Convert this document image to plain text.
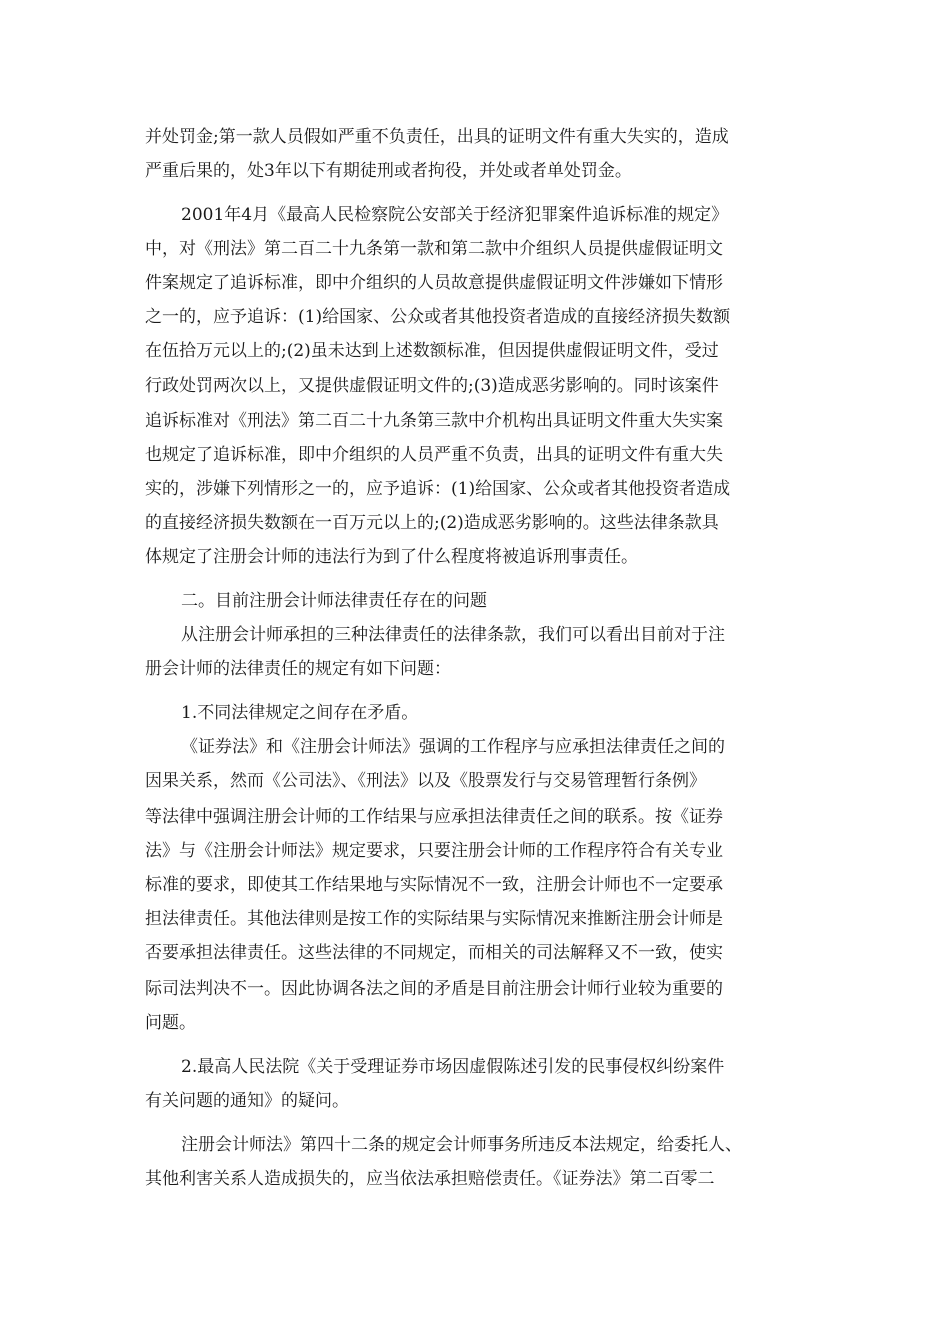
并处罚金;第一款人员假如严重不负责任，出具的证明文件有重大失实的，造成
严重后果的，处3年以下有期徒刑或者拘役，并处或者单处罚金。
2001年4月《最高人民检察院公安部关于经济犯罪案件追诉标准的规定》
中，对《刑法》第二百二十九条第一款和第二款中介组织人员提供虚假证明文
件案规定了追诉标准，即中介组织的人员故意提供虚假证明文件涉嫌如下情形
之一的，应予追诉：(1)给国家、公众或者其他投资者造成的直接经济损失数额
在伍拾万元以上的;(2)虽未达到上述数额标准，但因提供虚假证明文件，受过
行政处罚两次以上，又提供虚假证明文件的;(3)造成恶劣影响的。同时该案件
追诉标准对《刑法》第二百二十九条第三款中介机构出具证明文件重大失实案
也规定了追诉标准，即中介组织的人员严重不负责，出具的证明文件有重大失
实的，涉嫌下列情形之一的，应予追诉：(1)给国家、公众或者其他投资者造成
的直接经济损失数额在一百万元以上的;(2)造成恶劣影响的。这些法律条款具
体规定了注册会计师的违法行为到了什么程度将被追诉刑事责任。
二。目前注册会计师法律责任存在的问题
从注册会计师承担的三种法律责任的法律条款，我们可以看出目前对于注
册会计师的法律责任的规定有如下问题：
1.不同法律规定之间存在矛盾。
《证券法》和《注册会计师法》强调的工作程序与应承担法律责任之间的
因果关系，然而《公司法》、《刑法》以及《股票发行与交易管理暂行条例》
等法律中强调注册会计师的工作结果与应承担法律责任之间的联系。按《证券
法》与《注册会计师法》规定要求，只要注册会计师的工作程序符合有关专业
标准的要求，即使其工作结果地与实际情况不一致，注册会计师也不一定要承
担法律责任。其他法律则是按工作的实际结果与实际情况来推断注册会计师是
否要承担法律责任。这些法律的不同规定，而相关的司法解释又不一致，使实
际司法判决不一。因此协调各法之间的矛盾是目前注册会计师行业较为重要的
问题。
2.最高人民法院《关于受理证券市场因虚假陈述引发的民事侵权纠纷案件
有关问题的通知》的疑问。
注册会计师法》第四十二条的规定会计师事务所违反本法规定，给委托人、
其他利害关系人造成损失的，应当依法承担赔偿责任。《证券法》第二百零二
